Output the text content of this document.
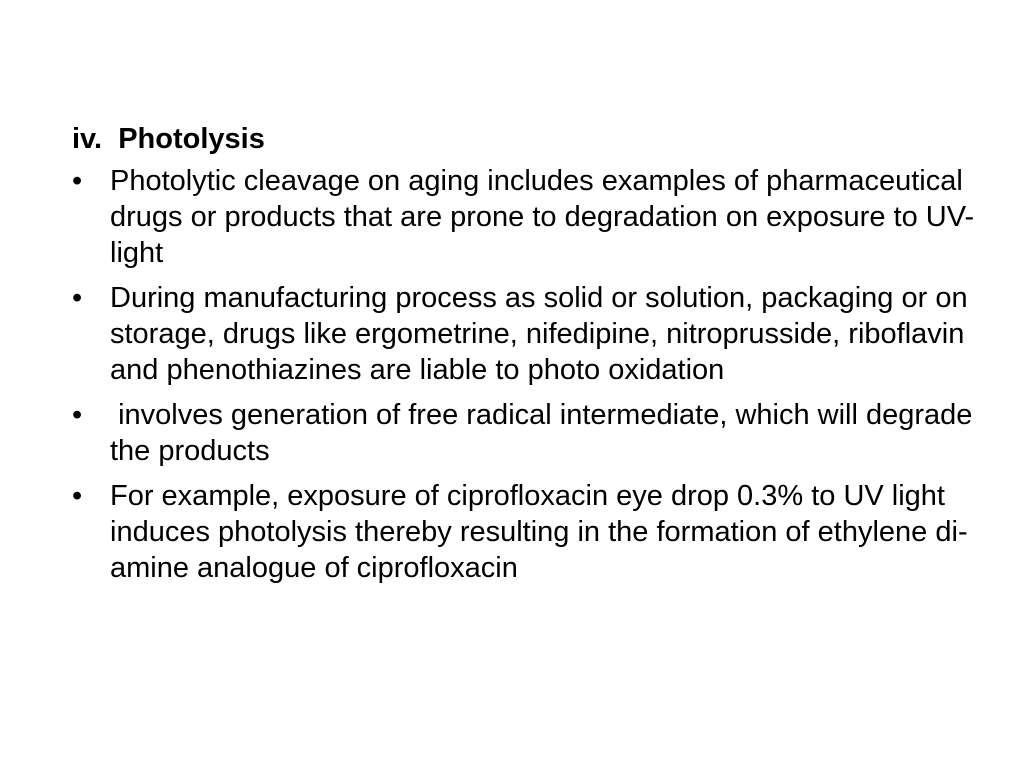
iv.  Photolysis
• Photolytic cleavage on aging includes examples of pharmaceutical drugs or products that are prone to degradation on exposure to UV-light
• During manufacturing process as solid or solution, packaging or on storage, drugs like ergometrine, nifedipine, nitroprusside, riboflavin and phenothiazines are liable to photo oxidation
• involves generation of free radical intermediate, which will degrade the products
• For example, exposure of ciprofloxacin eye drop 0.3% to UV light induces photolysis thereby resulting in the formation of ethylene di-amine analogue of ciprofloxacin
